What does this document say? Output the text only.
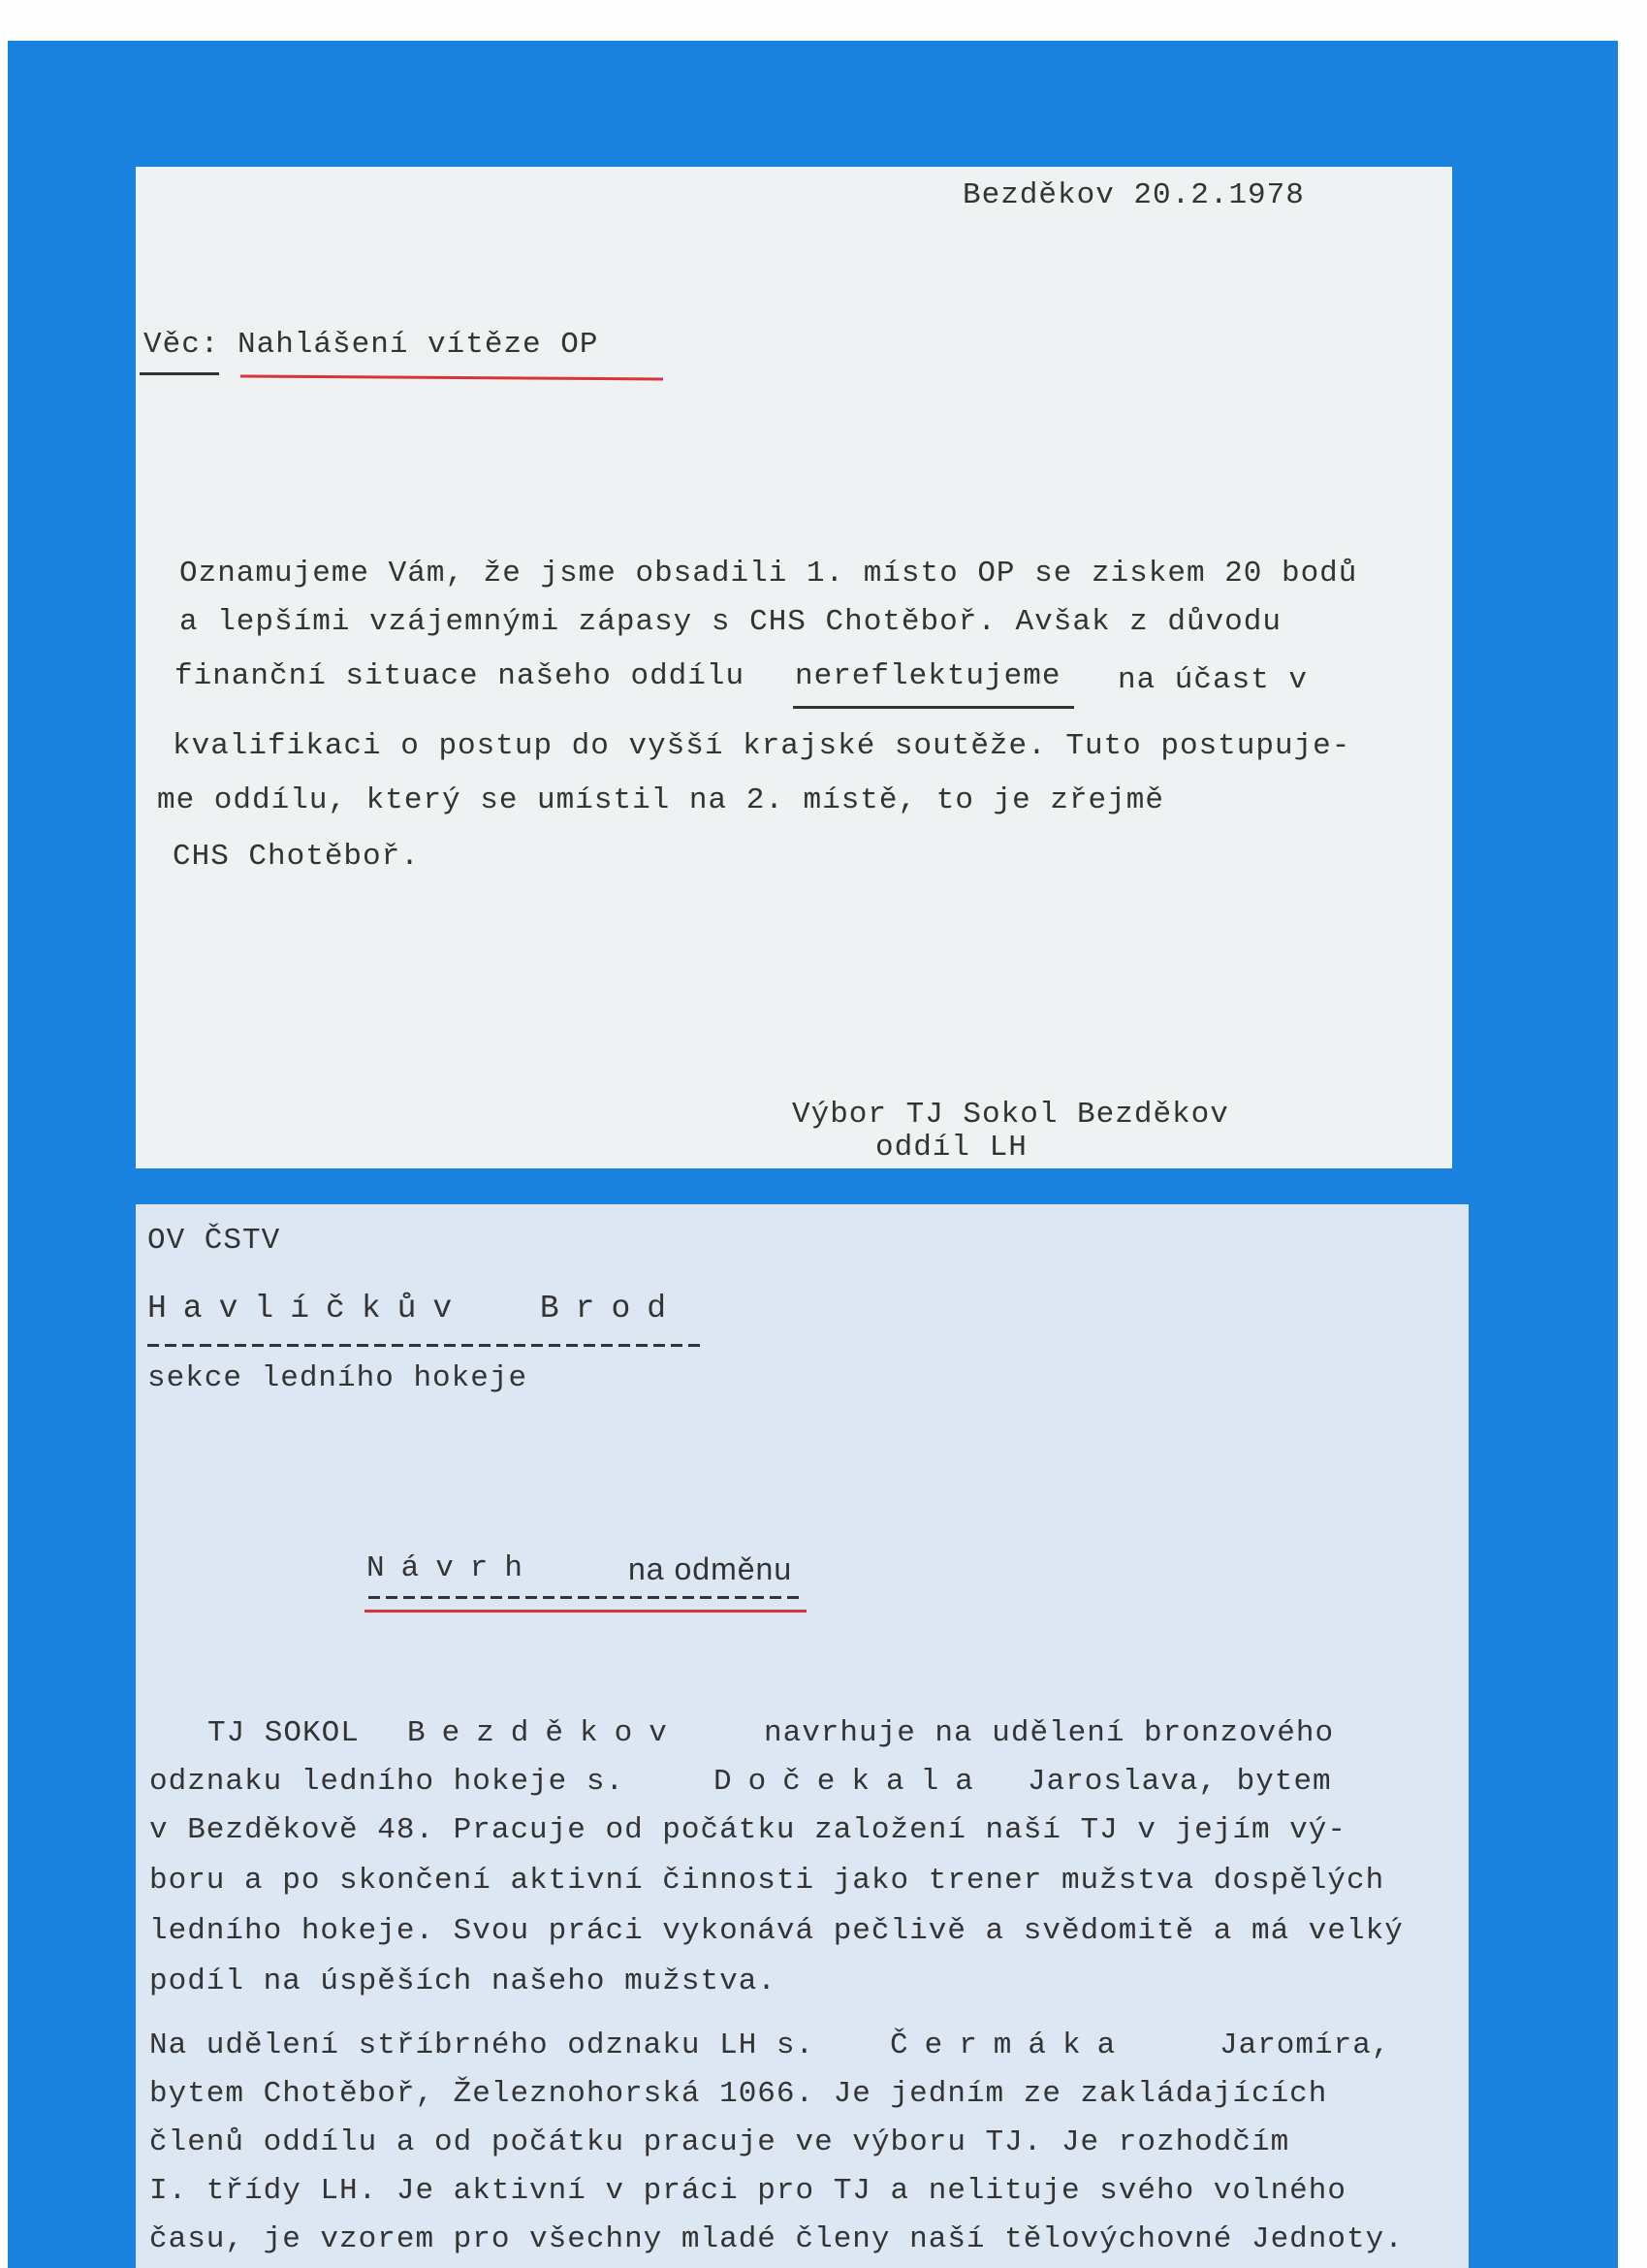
Bezděkov 20.2.1978
Věc: Nahlášení vítěze OP
Oznamujeme Vám, že jsme obsadili 1. místo OP se ziskem 20 bodů
a lepšími vzájemnými zápasy s CHS Chotěboř. Avšak z důvodu
finanční situace našeho oddílu nereflektujeme na účast v
kvalifikaci o postup do vyšší krajské soutěže. Tuto postupuje-
me oddílu, který se umístil na 2. místě, to je zřejmě
CHS Chotěboř.
Výbor TJ Sokol Bezděkov
oddíl LH
OV ČSTV
Havlíčkův  Brod
sekce ledního hokeje
Návrh	na odměnu
TJ SOKOL Bezděkov	navrhuje na udělení bronzového
odznaku ledního hokeje s.	Dočekala Jaroslava, bytem
v Bezděkově 48. Pracuje od počátku založení naší TJ v jejím vý-
boru a po skončení aktivní činnosti jako trener mužstva dospělých
ledního hokeje. Svou práci vykonává pečlivě a svědomitě a má velký
podíl na úspěších našeho mužstva.
Na udělení stříbrného odznaku LH s.	Čermáka	Jaromíra,
bytem Chotěboř, Železnohorská 1066. Je jedním ze zakládajících
členů oddílu a od počátku pracuje ve výboru TJ. Je rozhodčím
I. třídy LH. Je aktivní v práci pro TJ a nelituje svého volného
času, je vzorem pro všechny mladé členy naší tělovýchovné Jednoty.
